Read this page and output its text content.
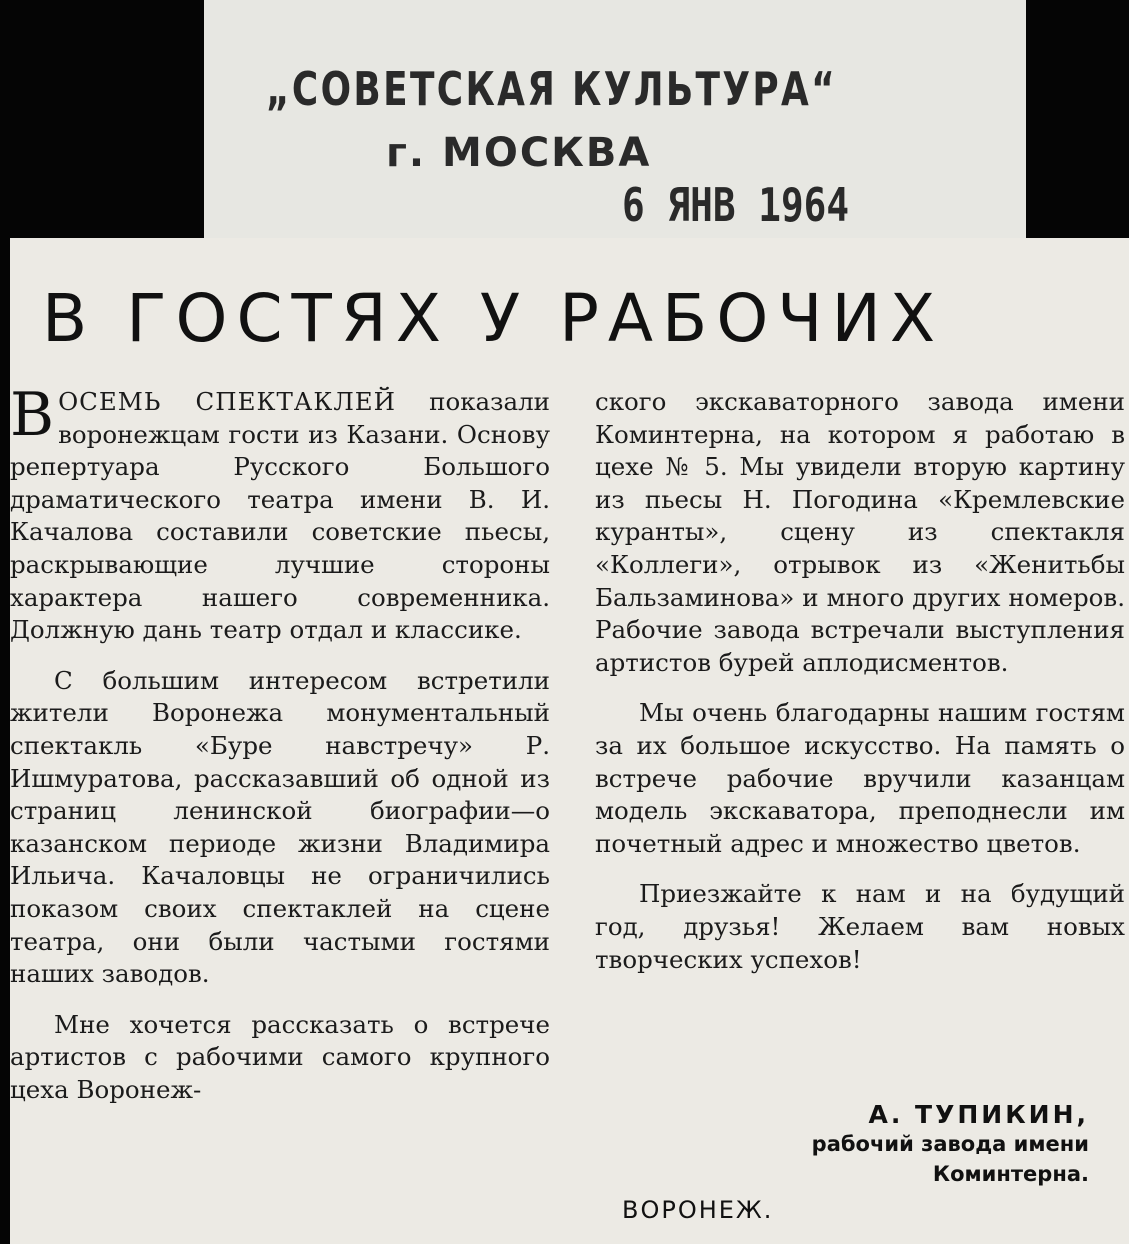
„СОВЕТСКАЯ КУЛЬТУРА“
г. МОСКВА
6 ЯНВ 1964
В ГОСТЯХ У РАБОЧИХ

ВОСЕМЬ СПЕКТАКЛЕЙ показали воронежцам гости из Казани. Основу репертуара Русского Большого драматического театра имени В. И. Качалова составили советские пьесы, раскрывающие лучшие стороны характера нашего современника. Должную дань театр отдал и классике.

С большим интересом встретили жители Воронежа монументальный спектакль «Буре навстречу» Р. Ишмуратова, рассказавший об одной из страниц ленинской биографии—о казанском периоде жизни Владимира Ильича. Качаловцы не ограничились показом своих спектаклей на сцене театра, они были частыми гостями наших заводов.

Мне хочется рассказать о встрече артистов с рабочими самого крупного цеха Воронеж-

ского экскаваторного завода имени Коминтерна, на котором я работаю в цехе № 5. Мы увидели вторую картину из пьесы Н. Погодина «Кремлевские куранты», сцену из спектакля «Коллеги», отрывок из «Женитьбы Бальзаминова» и много других номеров. Рабочие завода встречали выступления артистов бурей аплодисментов.

Мы очень благодарны нашим гостям за их большое искусство. На память о встрече рабочие вручили казанцам модель экскаватора, преподнесли им почетный адрес и множество цветов.

Приезжайте к нам и на будущий год, друзья! Желаем вам новых творческих успехов!

А. ТУПИКИН,
рабочий завода имени
Коминтерна.
ВОРОНЕЖ.
